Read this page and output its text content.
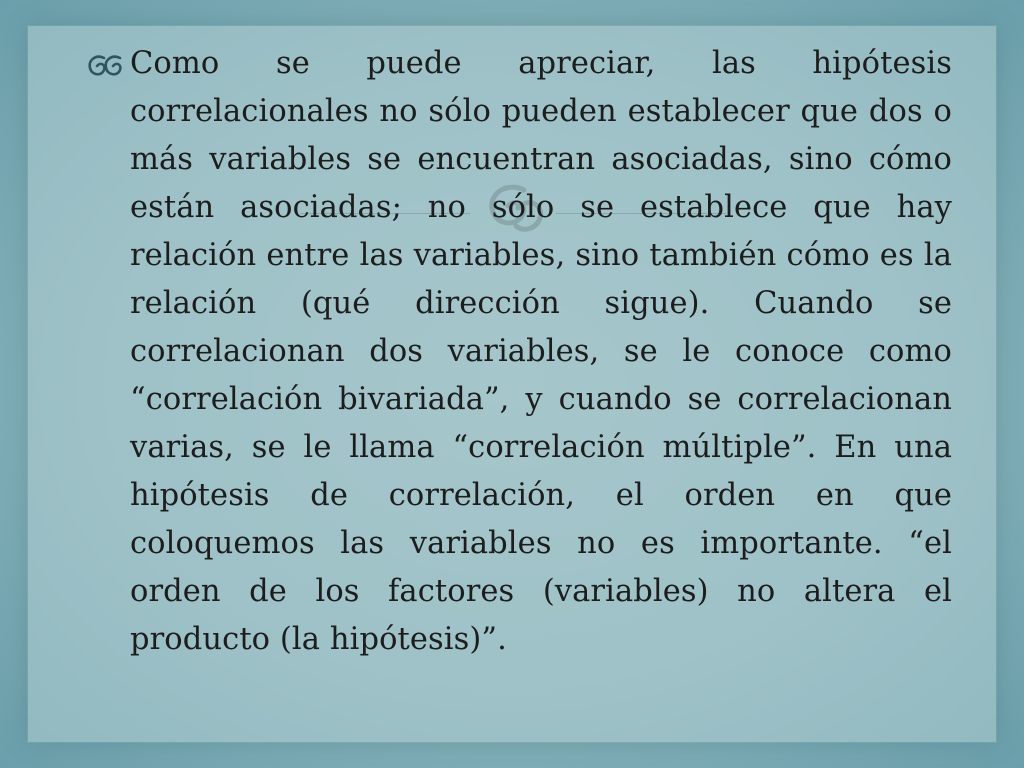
Como se puede apreciar, las hipótesis correlacionales no sólo pueden establecer que dos o más variables se encuentran asociadas, sino cómo están asociadas; no sólo se establece que hay relación entre las variables, sino también cómo es la relación (qué dirección sigue). Cuando se correlacionan dos variables, se le conoce como “correlación bivariada”, y cuando se correlacionan varias, se le llama “correlación múltiple”. En una hipótesis de correlación, el orden en que coloquemos las variables no es importante. “el orden de los factores (variables) no altera el producto (la hipótesis)”.
